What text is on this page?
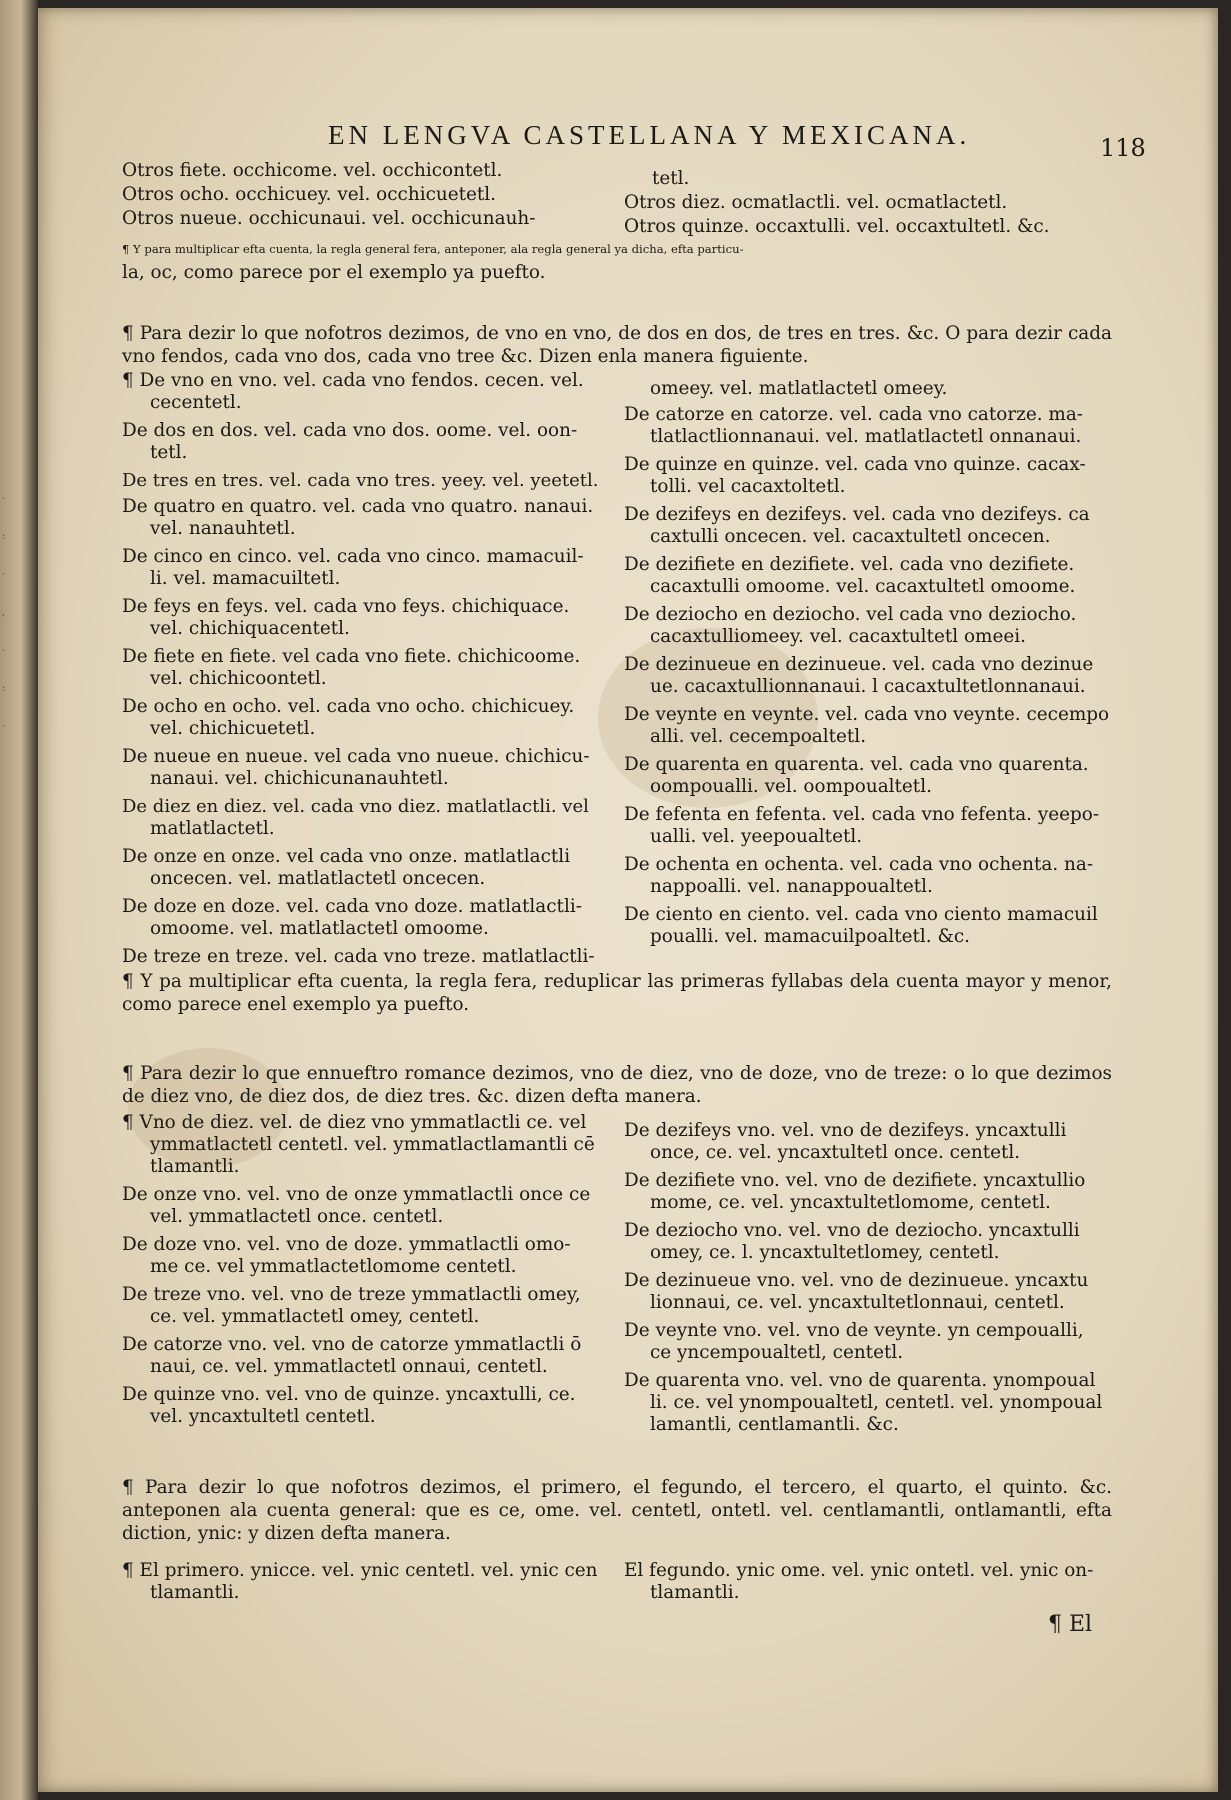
·
:
·
,
·
:
·
EN LENGVA CASTELLANA Y MEXICANA.	118
Otros fiete. occhicome. vel. occhicontetl.
Otros ocho. occhicuey. vel. occhicuetetl.
Otros nueue. occhicunaui. vel. occhicunauh-
tetl.
Otros diez. ocmatlactli. vel. ocmatlactetl.
Otros quinze. occaxtulli. vel. occaxtultetl. &c.
¶ Y para multiplicar efta cuenta, la regla general fera, anteponer, ala regla general ya dicha, efta particu-
la, oc, como parece por el exemplo ya puefto.
¶ Para dezir lo que nofotros dezimos, de vno en vno, de dos en dos, de tres en tres. &c. O para dezir cada vno fendos, cada vno dos, cada vno tree &c. Dizen enla manera figuiente.
¶ De vno en vno. vel. cada vno fendos. cecen. vel.
cecentetl.
De dos en dos. vel. cada vno dos. oome. vel. oon-
tetl.
De tres en tres. vel. cada vno tres. yeey. vel. yeetetl.
De quatro en quatro. vel. cada vno quatro. nanaui.
vel. nanauhtetl.
De cinco en cinco. vel. cada vno cinco. mamacuil-
li. vel. mamacuiltetl.
De feys en feys. vel. cada vno feys. chichiquace.
vel. chichiquacentetl.
De fiete en fiete. vel cada vno fiete. chichicoome.
vel. chichicoontetl.
De ocho en ocho. vel. cada vno ocho. chichicuey.
vel. chichicuetetl.
De nueue en nueue. vel cada vno nueue. chichicu-
nanaui. vel. chichicunanauhtetl.
De diez en diez. vel. cada vno diez. matlatlactli. vel
matlatlactetl.
De onze en onze. vel cada vno onze. matlatlactli
oncecen. vel. matlatlactetl oncecen.
De doze en doze. vel. cada vno doze. matlatlactli-
omoome. vel. matlatlactetl omoome.
De treze en treze. vel. cada vno treze. matlatlactli-
omeey. vel. matlatlactetl omeey.
De catorze en catorze. vel. cada vno catorze. ma-
tlatlactlionnanaui. vel. matlatlactetl onnanaui.
De quinze en quinze. vel. cada vno quinze. cacax-
tolli. vel cacaxtoltetl.
De dezifeys en dezifeys. vel. cada vno dezifeys. ca
caxtulli oncecen. vel. cacaxtultetl oncecen.
De dezifiete en dezifiete. vel. cada vno dezifiete.
cacaxtulli omoome. vel. cacaxtultetl omoome.
De deziocho en deziocho. vel cada vno deziocho.
cacaxtulliomeey. vel. cacaxtultetl omeei.
De dezinueue en dezinueue. vel. cada vno dezinue
ue. cacaxtullionnanaui. l cacaxtultetlonnanaui.
De veynte en veynte. vel. cada vno veynte. cecempo
alli. vel. cecempoaltetl.
De quarenta en quarenta. vel. cada vno quarenta.
oompoualli. vel. oompoualtetl.
De fefenta en fefenta. vel. cada vno fefenta. yeepo-
ualli. vel. yeepoualtetl.
De ochenta en ochenta. vel. cada vno ochenta. na-
nappoalli. vel. nanappoualtetl.
De ciento en ciento. vel. cada vno ciento mamacuil
poualli. vel. mamacuilpoaltetl. &c.
¶ Y pa multiplicar efta cuenta, la regla fera, reduplicar las primeras fyllabas dela cuenta mayor y menor, como parece enel exemplo ya puefto.
¶ Para dezir lo que ennueftro romance dezimos, vno de diez, vno de doze, vno de treze: o lo que dezimos de diez vno, de diez dos, de diez tres. &c. dizen defta manera.
¶ Vno de diez. vel. de diez vno ymmatlactli ce. vel
ymmatlactetl centetl. vel. ymmatlactlamantli cē
tlamantli.
De onze vno. vel. vno de onze ymmatlactli once ce
vel. ymmatlactetl once. centetl.
De doze vno. vel. vno de doze. ymmatlactli omo-
me ce. vel ymmatlactetlomome centetl.
De treze vno. vel. vno de treze ymmatlactli omey,
ce. vel. ymmatlactetl omey, centetl.
De catorze vno. vel. vno de catorze ymmatlactli ō
naui, ce. vel. ymmatlactetl onnaui, centetl.
De quinze vno. vel. vno de quinze. yncaxtulli, ce.
vel. yncaxtultetl centetl.
De dezifeys vno. vel. vno de dezifeys. yncaxtulli
once, ce. vel. yncaxtultetl once. centetl.
De dezifiete vno. vel. vno de dezifiete. yncaxtullio
mome, ce. vel. yncaxtultetlomome, centetl.
De deziocho vno. vel. vno de deziocho. yncaxtulli
omey, ce. l. yncaxtultetlomey, centetl.
De dezinueue vno. vel. vno de dezinueue. yncaxtu
lionnaui, ce. vel. yncaxtultetlonnaui, centetl.
De veynte vno. vel. vno de veynte. yn cempoualli,
ce yncempoualtetl, centetl.
De quarenta vno. vel. vno de quarenta. ynompoual
li. ce. vel ynompoualtetl, centetl. vel. ynompoual
lamantli, centlamantli. &c.
¶ Para dezir lo que nofotros dezimos, el primero, el fegundo, el tercero, el quarto, el quinto. &c. anteponen ala cuenta general: que es ce, ome. vel. centetl, ontetl. vel. centlamantli, ontlamantli, efta diction, ynic: y dizen defta manera.
¶ El primero. ynicce. vel. ynic centetl. vel. ynic cen
tlamantli.
El fegundo. ynic ome. vel. ynic ontetl. vel. ynic on-
tlamantli.
¶ El
